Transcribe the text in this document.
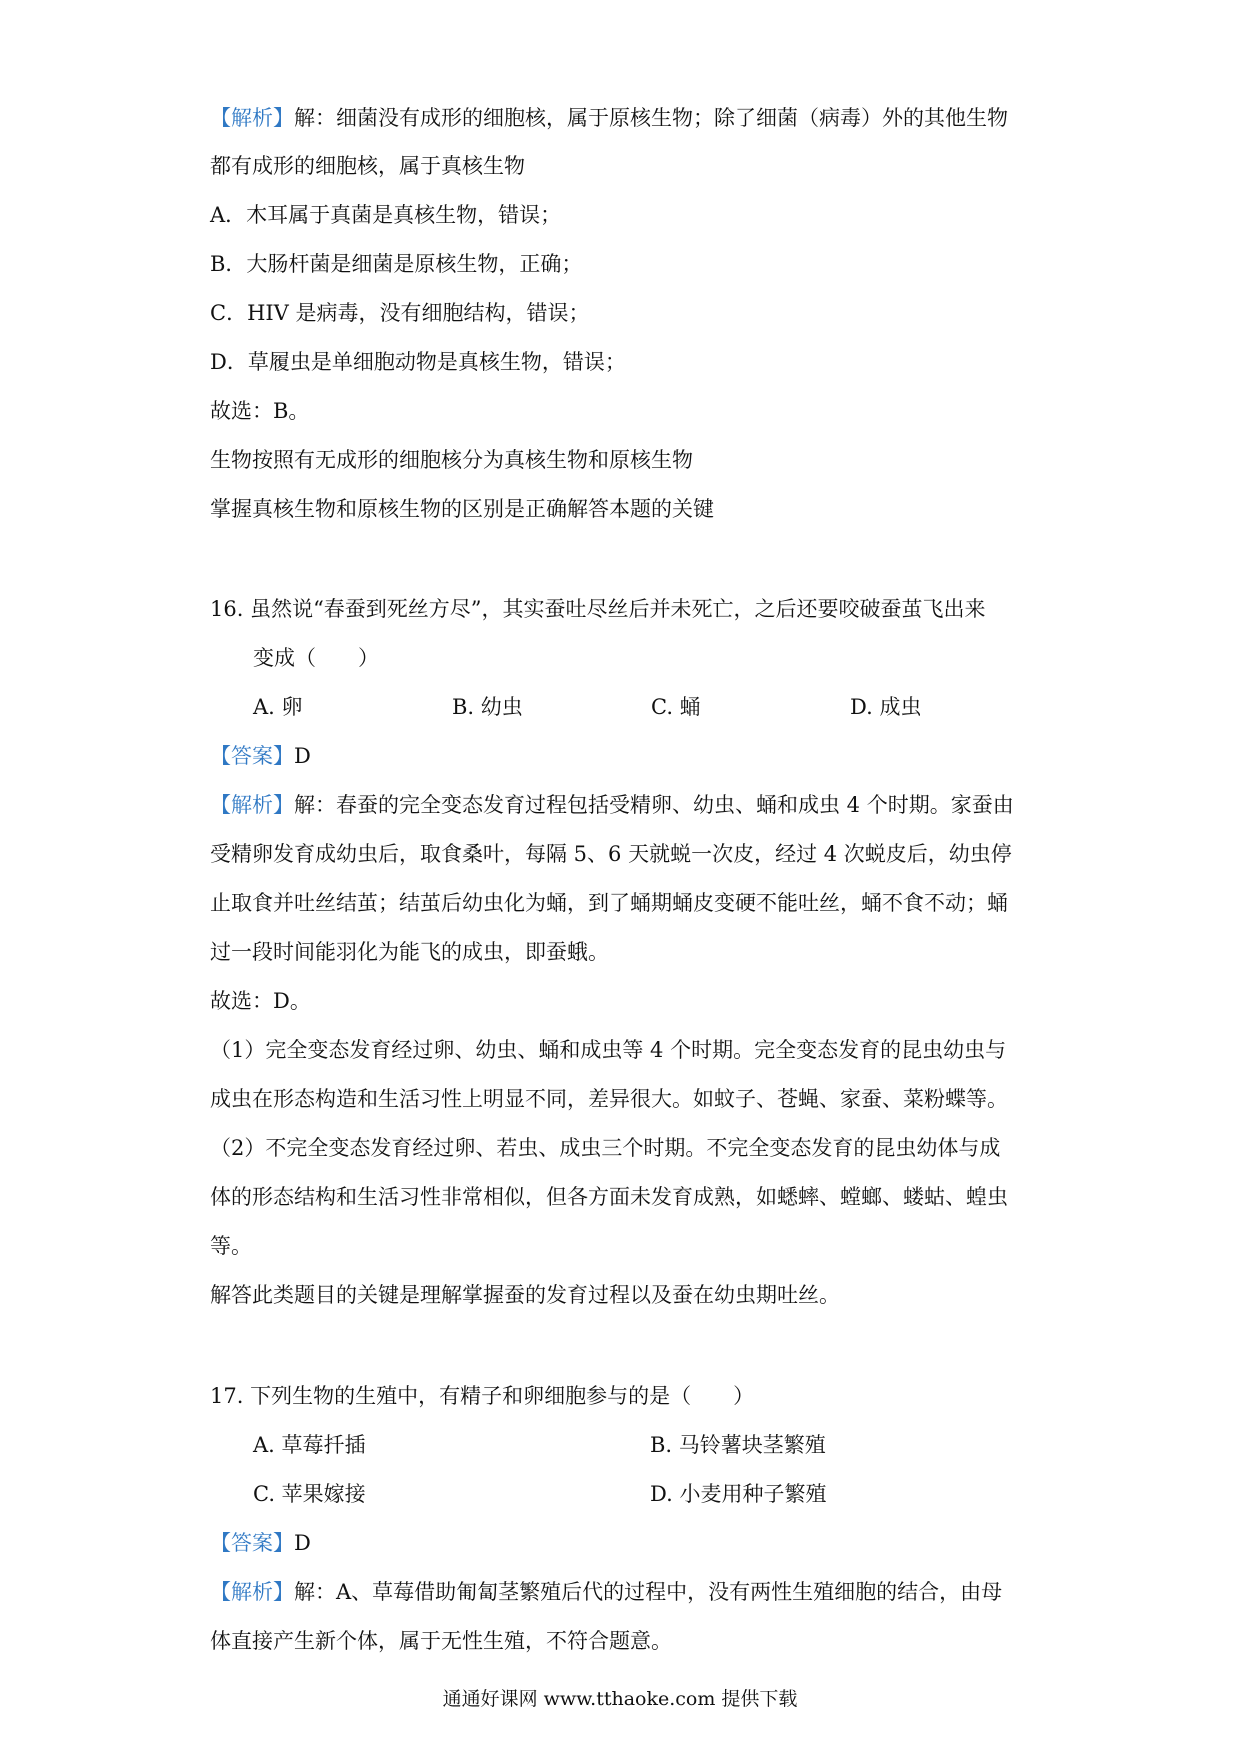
【解析】解：细菌没有成形的细胞核，属于原核生物；除了细菌（病毒）外的其他生物

都有成形的细胞核，属于真核生物

A．木耳属于真菌是真核生物，错误；

B．大肠杆菌是细菌是原核生物，正确；

C．HIV 是病毒，没有细胞结构，错误；

D．草履虫是单细胞动物是真核生物，错误；

故选：B。

生物按照有无成形的细胞核分为真核生物和原核生物

掌握真核生物和原核生物的区别是正确解答本题的关键

16. 虽然说“春蚕到死丝方尽”，其实蚕吐尽丝后并未死亡，之后还要咬破蚕茧飞出来

变成（　　）

A. 卵	B. 幼虫	C. 蛹	D. 成虫

【答案】D

【解析】解：春蚕的完全变态发育过程包括受精卵、幼虫、蛹和成虫 4 个时期。家蚕由

受精卵发育成幼虫后，取食桑叶，每隔 5、6 天就蜕一次皮，经过 4 次蜕皮后，幼虫停

止取食并吐丝结茧；结茧后幼虫化为蛹，到了蛹期蛹皮变硬不能吐丝，蛹不食不动；蛹

过一段时间能羽化为能飞的成虫，即蚕蛾。

故选：D。

（1）完全变态发育经过卵、幼虫、蛹和成虫等 4 个时期。完全变态发育的昆虫幼虫与

成虫在形态构造和生活习性上明显不同，差异很大。如蚊子、苍蝇、家蚕、菜粉蝶等。

（2）不完全变态发育经过卵、若虫、成虫三个时期。不完全变态发育的昆虫幼体与成

体的形态结构和生活习性非常相似，但各方面未发育成熟，如蟋蟀、螳螂、蝼蛄、蝗虫

等。

解答此类题目的关键是理解掌握蚕的发育过程以及蚕在幼虫期吐丝。

17. 下列生物的生殖中，有精子和卵细胞参与的是（　　）

A. 草莓扦插	B. 马铃薯块茎繁殖
C. 苹果嫁接	D. 小麦用种子繁殖

【答案】D

【解析】解：A、草莓借助匍匐茎繁殖后代的过程中，没有两性生殖细胞的结合，由母

体直接产生新个体，属于无性生殖，不符合题意。

通通好课网 www.tthaoke.com 提供下载
